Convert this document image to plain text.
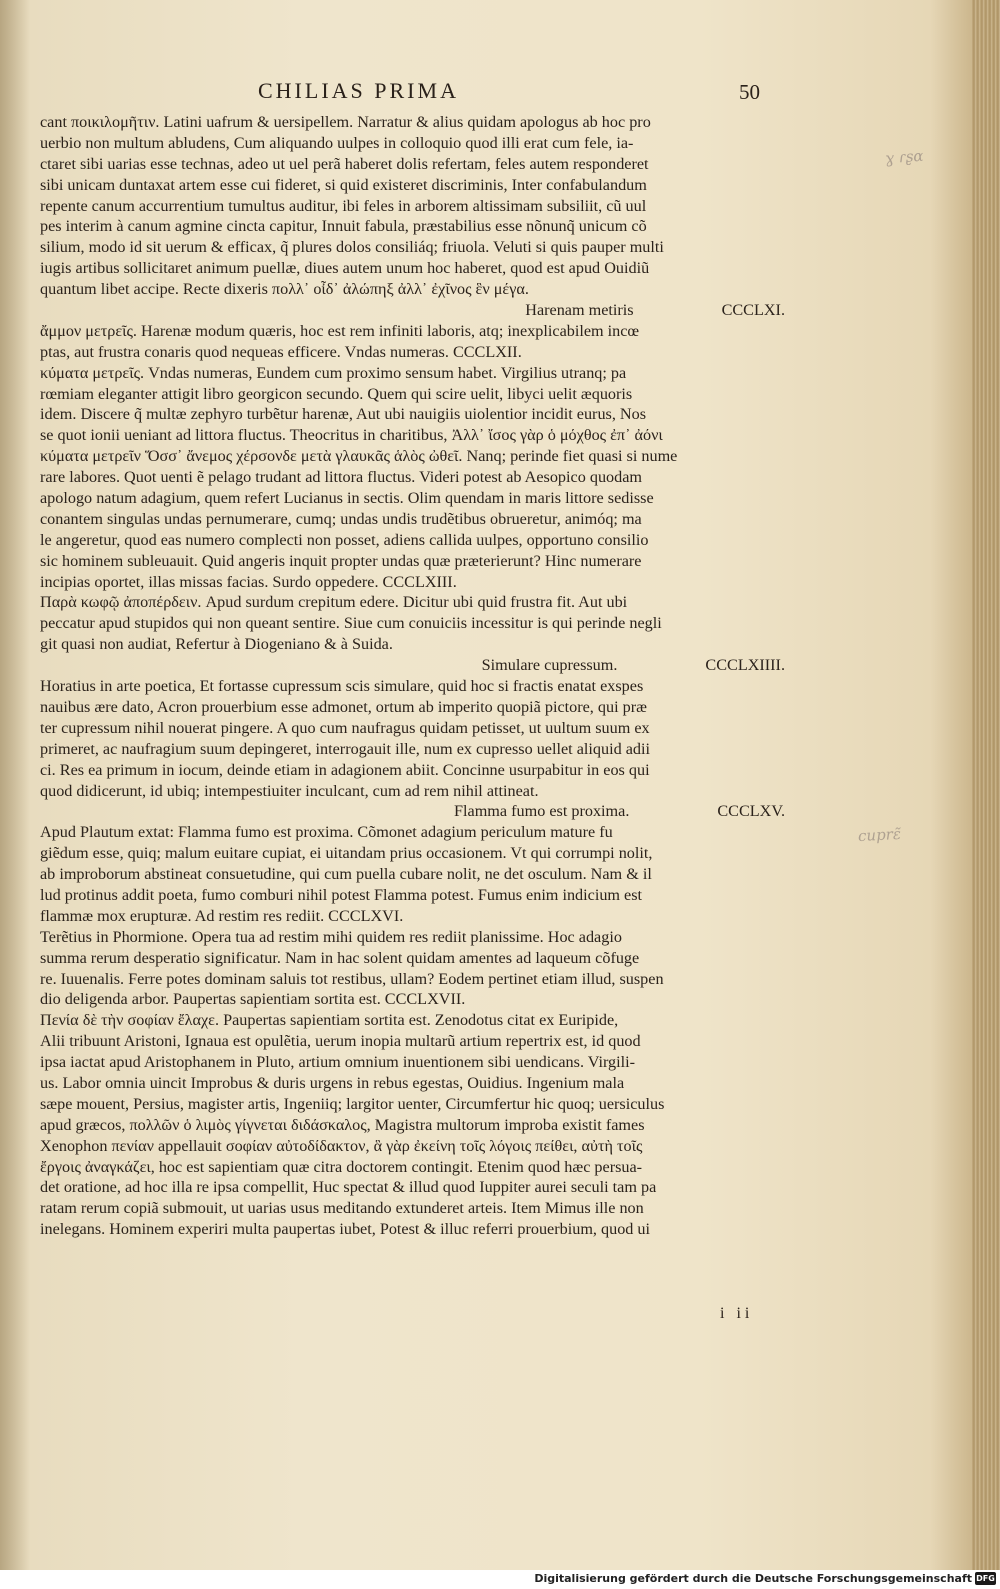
CHILIAS PRIMA	50
ɣ ɾʂɑ
cuprɛ̃
cant ποικιλομῆτιν. Latini uafrum & uersipellem. Narratur & alius quidam apologus ab hoc pro
uerbio non multum abludens, Cum aliquando uulpes in colloquio quod illi erat cum fele, ia-
ctaret sibi uarias esse technas, adeo ut uel perã haberet dolis refertam, feles autem responderet
sibi unicam duntaxat artem esse cui fideret, si quid existeret discriminis, Inter confabulandum
repente canum accurrentium tumultus auditur, ibi feles in arborem altissimam subsiliit, cũ uul
pes interim à canum agmine cincta capitur, Innuit fabula, præstabilius esse nõnunq̃ unicum cõ
silium, modo id sit uerum & efficax, q̃ plures dolos consiliáq; friuola. Veluti si quis pauper multi
iugis artibus sollicitaret animum puellæ, diues autem unum hoc haberet, quod est apud Ouidiũ
quantum libet accipe. Recte dixeris πολλ᾽ οἶδ᾽ ἀλώπηξ ἀλλ᾽ ἐχῖνος ἓν μέγα.
Harenam metiris	CCCLXI.
ἄμμον μετρεῖς. Harenæ modum quæris, hoc est rem infiniti laboris, atq; inexplicabilem incœ
ptas, aut frustra conaris quod nequeas efficere. Vndas numeras. CCCLXII.
κύματα μετρεῖς. Vndas numeras, Eundem cum proximo sensum habet. Virgilius utranq; pa
rœmiam eleganter attigit libro georgicon secundo. Quem qui scire uelit, libyci uelit æquoris
idem. Discere q̃ multæ zephyro turbẽtur harenæ, Aut ubi nauigiis uiolentior incidit eurus, Nos
se quot ionii ueniant ad littora fluctus. Theocritus in charitibus, Ἀλλ᾽ ἴσος γὰρ ὁ μόχθος ἐπ᾽ ἀόνι
κύματα μετρεῖν Ὅσσ᾽ ἄνεμος χέρσονδε μετὰ γλαυκᾶς ἁλὸς ὠθεῖ. Nanq; perinde fiet quasi si nume
rare labores. Quot uenti ẽ pelago trudant ad littora fluctus. Videri potest ab Aesopico quodam
apologo natum adagium, quem refert Lucianus in sectis. Olim quendam in maris littore sedisse
conantem singulas undas pernumerare, cumq; undas undis trudẽtibus obrueretur, animóq; ma
le angeretur, quod eas numero complecti non posset, adiens callida uulpes, opportuno consilio
sic hominem subleuauit. Quid angeris inquit propter undas quæ præterierunt? Hinc numerare
incipias oportet, illas missas facias. Surdo oppedere. CCCLXIII.
Παρὰ κωφῷ ἀποπέρδειν. Apud surdum crepitum edere. Dicitur ubi quid frustra fit. Aut ubi
peccatur apud stupidos qui non queant sentire. Siue cum conuiciis incessitur is qui perinde negli
git quasi non audiat, Refertur à Diogeniano & à Suida.
Simulare cupressum.	CCCLXIIII.
Horatius in arte poetica, Et fortasse cupressum scis simulare, quid hoc si fractis enatat exspes
nauibus ære dato, Acron prouerbium esse admonet, ortum ab imperito quopiã pictore, qui præ
ter cupressum nihil nouerat pingere. A quo cum naufragus quidam petisset, ut uultum suum ex
primeret, ac naufragium suum depingeret, interrogauit ille, num ex cupresso uellet aliquid adii
ci. Res ea primum in iocum, deinde etiam in adagionem abiit. Concinne usurpabitur in eos qui
quod didicerunt, id ubiq; intempestiuiter inculcant, cum ad rem nihil attineat.
Flamma fumo est proxima.	CCCLXV.
Apud Plautum extat: Flamma fumo est proxima. Cõmonet adagium periculum mature fu
giẽdum esse, quiq; malum euitare cupiat, ei uitandam prius occasionem. Vt qui corrumpi nolit,
ab improborum abstineat consuetudine, qui cum puella cubare nolit, ne det osculum. Nam & il
lud protinus addit poeta, fumo comburi nihil potest Flamma potest. Fumus enim indicium est
flammæ mox erupturæ. Ad restim res rediit. CCCLXVI.
Terẽtius in Phormione. Opera tua ad restim mihi quidem res rediit planissime. Hoc adagio
summa rerum desperatio significatur. Nam in hac solent quidam amentes ad laqueum cõfuge
re. Iuuenalis. Ferre potes dominam saluis tot restibus, ullam? Eodem pertinet etiam illud, suspen
dio deligenda arbor. Paupertas sapientiam sortita est. CCCLXVII.
Πενία δὲ τὴν σοφίαν ἔλαχε. Paupertas sapientiam sortita est. Zenodotus citat ex Euripide,
Alii tribuunt Aristoni, Ignaua est opulẽtia, uerum inopia multarũ artium repertrix est, id quod
ipsa iactat apud Aristophanem in Pluto, artium omnium inuentionem sibi uendicans. Virgili-
us. Labor omnia uincit Improbus & duris urgens in rebus egestas, Ouidius. Ingenium mala
sæpe mouent, Persius, magister artis, Ingeniiq; largitor uenter, Circumfertur hic quoq; uersiculus
apud græcos, πολλῶν ὁ λιμὸς γίγνεται διδάσκαλος, Magistra multorum improba existit fames
Xenophon πενίαν appellauit σοφίαν αὐτοδίδακτον, ἃ γὰρ ἐκείνη τοῖς λόγοις πείθει, αὐτὴ τοῖς
ἔργοις ἀναγκάζει, hoc est sapientiam quæ citra doctorem contingit. Etenim quod hæc persua-
det oratione, ad hoc illa re ipsa compellit, Huc spectat & illud quod Iuppiter aurei seculi tam pa
ratam rerum copiã submouit, ut uarias usus meditando extunderet arteis. Item Mimus ille non
inelegans. Hominem experiri multa paupertas iubet, Potest & illuc referri prouerbium, quod ui
i ii
Digitalisierung gefördert durch die Deutsche Forschungsgemeinschaft DFG
